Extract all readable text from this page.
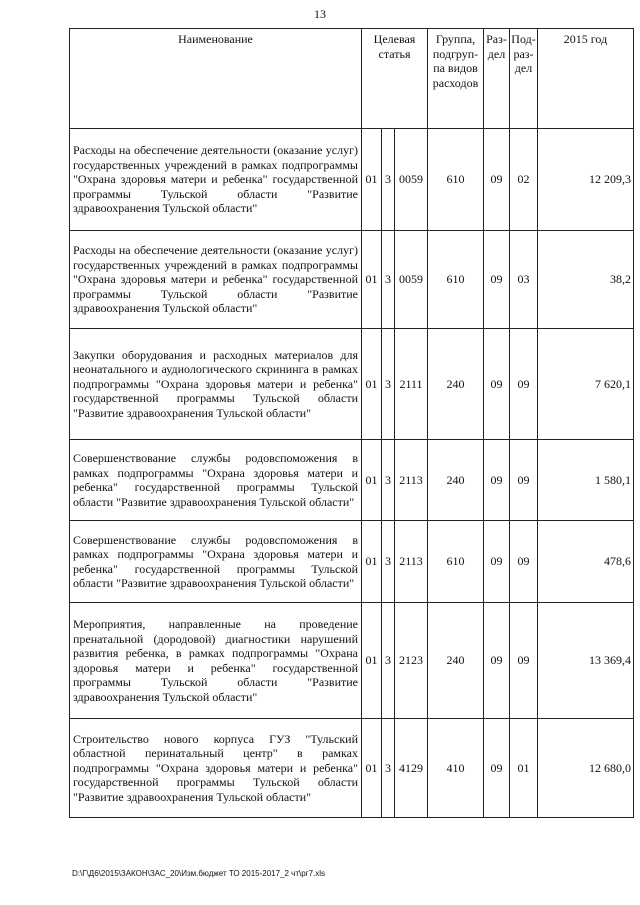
13
Наименование	Целевая статья			Группа, подгруп-па видов расходов	Раз-дел	Под-раз-дел	2015 год
Расходы на обеспечение деятельности (оказание услуг) государственных учреждений в рамках подпрограммы "Охрана здоровья матери и ребенка" государственной программы Тульской области "Развитие здравоохранения Тульской области"	01	3	0059	610	09	02	12 209,3
Расходы на обеспечение деятельности (оказание услуг) государственных учреждений в рамках подпрограммы "Охрана здоровья матери и ребенка" государственной программы Тульской области "Развитие здравоохранения Тульской области"	01	3	0059	610	09	03	38,2
Закупки оборудования и расходных материалов для неонатального и аудиологического скрининга в рамках подпрограммы "Охрана здоровья матери и ребенка" государственной программы Тульской области "Развитие здравоохранения Тульской области"	01	3	2111	240	09	09	7 620,1
Совершенствование службы родовспоможения в рамках подпрограммы "Охрана здоровья матери и ребенка" государственной программы Тульской области "Развитие здравоохранения Тульской области"	01	3	2113	240	09	09	1 580,1
Совершенствование службы родовспоможения в рамках подпрограммы "Охрана здоровья матери и ребенка" государственной программы Тульской области "Развитие здравоохранения Тульской области"	01	3	2113	610	09	09	478,6
Мероприятия, направленные на проведение пренатальной (дородовой) диагностики нарушений развития ребенка, в рамках подпрограммы "Охрана здоровья матери и ребенка" государственной программы Тульской области "Развитие здравоохранения Тульской области"	01	3	2123	240	09	09	13 369,4
Строительство нового корпуса ГУЗ "Тульский областной перинатальный центр" в рамках подпрограммы "Охрана здоровья матери и ребенка" государственной программы Тульской области "Развитие здравоохранения Тульской области"	01	3	4129	410	09	01	12 680,0
D:\Г\Д6\2015\ЗАКОН\ЗАС_20\Изм.бюджет ТО 2015-2017_2 чт\рг7.xls
